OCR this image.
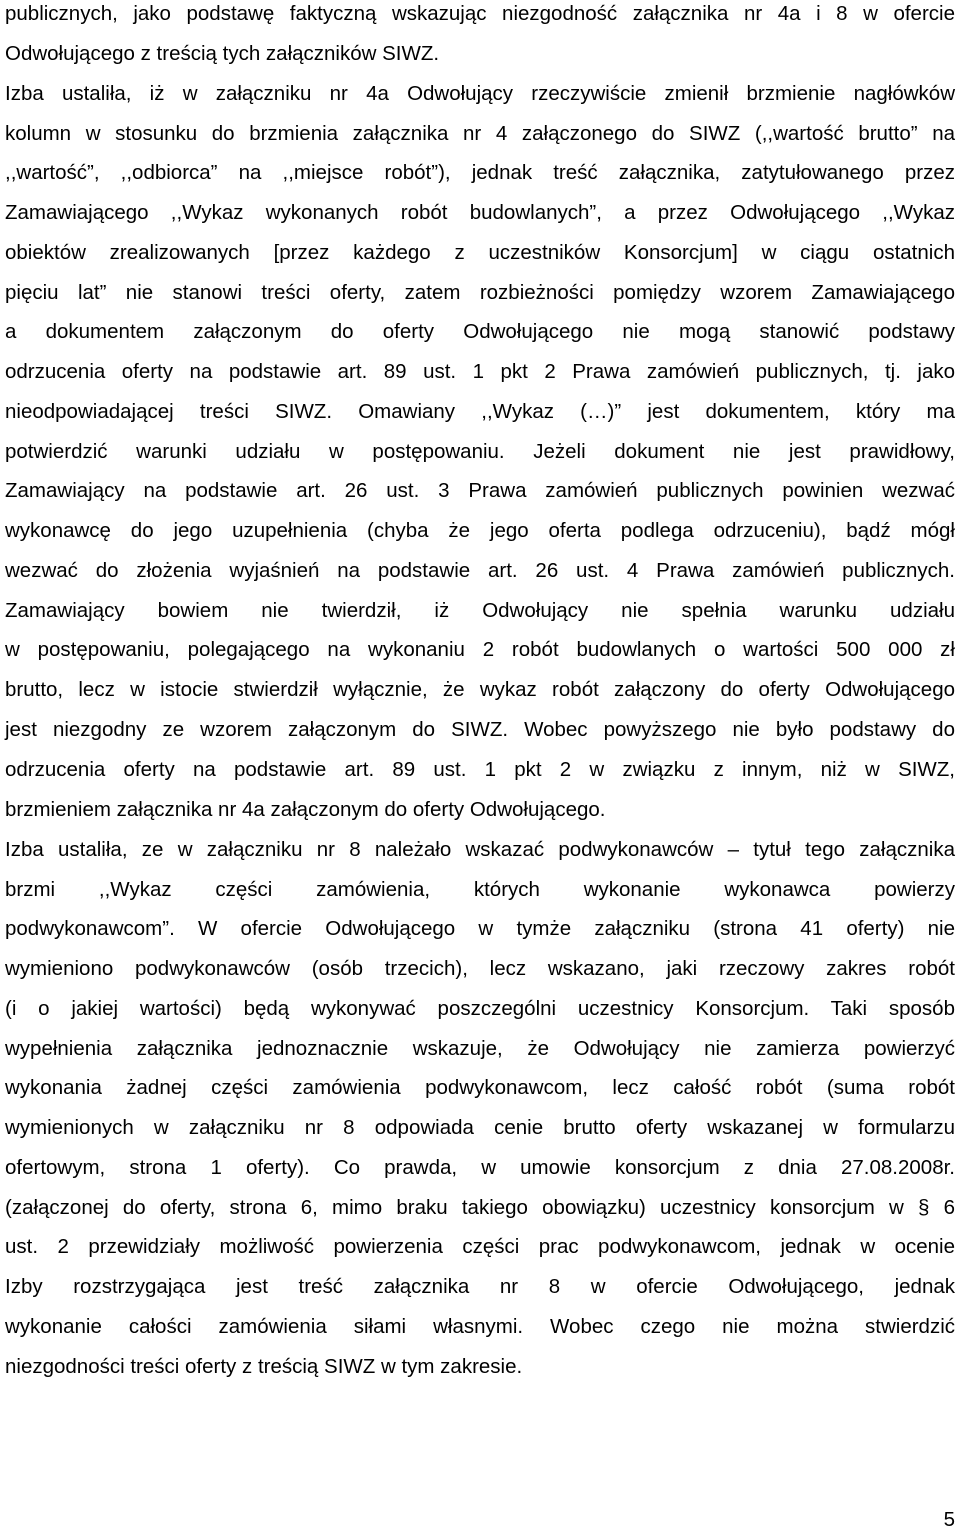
publicznych, jako podstawę faktyczną wskazując niezgodność załącznika nr 4a i 8 w ofercie
Odwołującego z treścią tych załączników SIWZ.
Izba ustaliła, iż w załączniku nr 4a Odwołujący rzeczywiście zmienił brzmienie nagłówków
kolumn w stosunku do brzmienia załącznika nr 4 załączonego do SIWZ (,,wartość brutto” na
,,wartość”, ,,odbiorca” na ,,miejsce robót”), jednak treść załącznika, zatytułowanego przez
Zamawiającego ,,Wykaz wykonanych robót budowlanych”, a przez Odwołującego ,,Wykaz
obiektów zrealizowanych [przez każdego z uczestników Konsorcjum] w ciągu ostatnich
pięciu lat” nie stanowi treści oferty, zatem rozbieżności pomiędzy wzorem Zamawiającego
a dokumentem załączonym do oferty Odwołującego nie mogą stanowić podstawy
odrzucenia oferty na podstawie art. 89 ust. 1 pkt 2 Prawa zamówień publicznych, tj. jako
nieodpowiadającej treści SIWZ. Omawiany ,,Wykaz (…)” jest dokumentem, który ma
potwierdzić warunki udziału w postępowaniu. Jeżeli dokument nie jest prawidłowy,
Zamawiający na podstawie art. 26 ust. 3 Prawa zamówień publicznych powinien wezwać
wykonawcę do jego uzupełnienia (chyba że jego oferta podlega odrzuceniu), bądź mógł
wezwać do złożenia wyjaśnień na podstawie art. 26 ust. 4 Prawa zamówień publicznych.
Zamawiający bowiem nie twierdził, iż Odwołujący nie spełnia warunku udziału
w postępowaniu, polegającego na wykonaniu 2 robót budowlanych o wartości 500 000 zł
brutto, lecz w istocie stwierdził wyłącznie, że wykaz robót załączony do oferty Odwołującego
jest niezgodny ze wzorem załączonym do SIWZ. Wobec powyższego nie było podstawy do
odrzucenia oferty na podstawie art. 89 ust. 1 pkt 2 w związku z innym, niż w SIWZ,
brzmieniem załącznika nr 4a załączonym do oferty Odwołującego.
Izba ustaliła, ze w załączniku nr 8 należało wskazać podwykonawców – tytuł tego załącznika
brzmi ,,Wykaz części zamówienia, których wykonanie wykonawca powierzy
podwykonawcom”. W ofercie Odwołującego w tymże załączniku (strona 41 oferty) nie
wymieniono podwykonawców (osób trzecich), lecz wskazano, jaki rzeczowy zakres robót
(i o jakiej wartości) będą wykonywać poszczególni uczestnicy Konsorcjum. Taki sposób
wypełnienia załącznika jednoznacznie wskazuje, że Odwołujący nie zamierza powierzyć
wykonania żadnej części zamówienia podwykonawcom, lecz całość robót (suma robót
wymienionych w załączniku nr 8 odpowiada cenie brutto oferty wskazanej w formularzu
ofertowym, strona 1 oferty). Co prawda, w umowie konsorcjum z dnia 27.08.2008r.
(załączonej do oferty, strona 6, mimo braku takiego obowiązku) uczestnicy konsorcjum w § 6
ust. 2 przewidziały możliwość powierzenia części prac podwykonawcom, jednak w ocenie
Izby rozstrzygająca jest treść załącznika nr 8 w ofercie Odwołującego, jednak
wykonanie całości zamówienia siłami własnymi. Wobec czego nie można stwierdzić
niezgodności treści oferty z treścią SIWZ w tym zakresie.
5
